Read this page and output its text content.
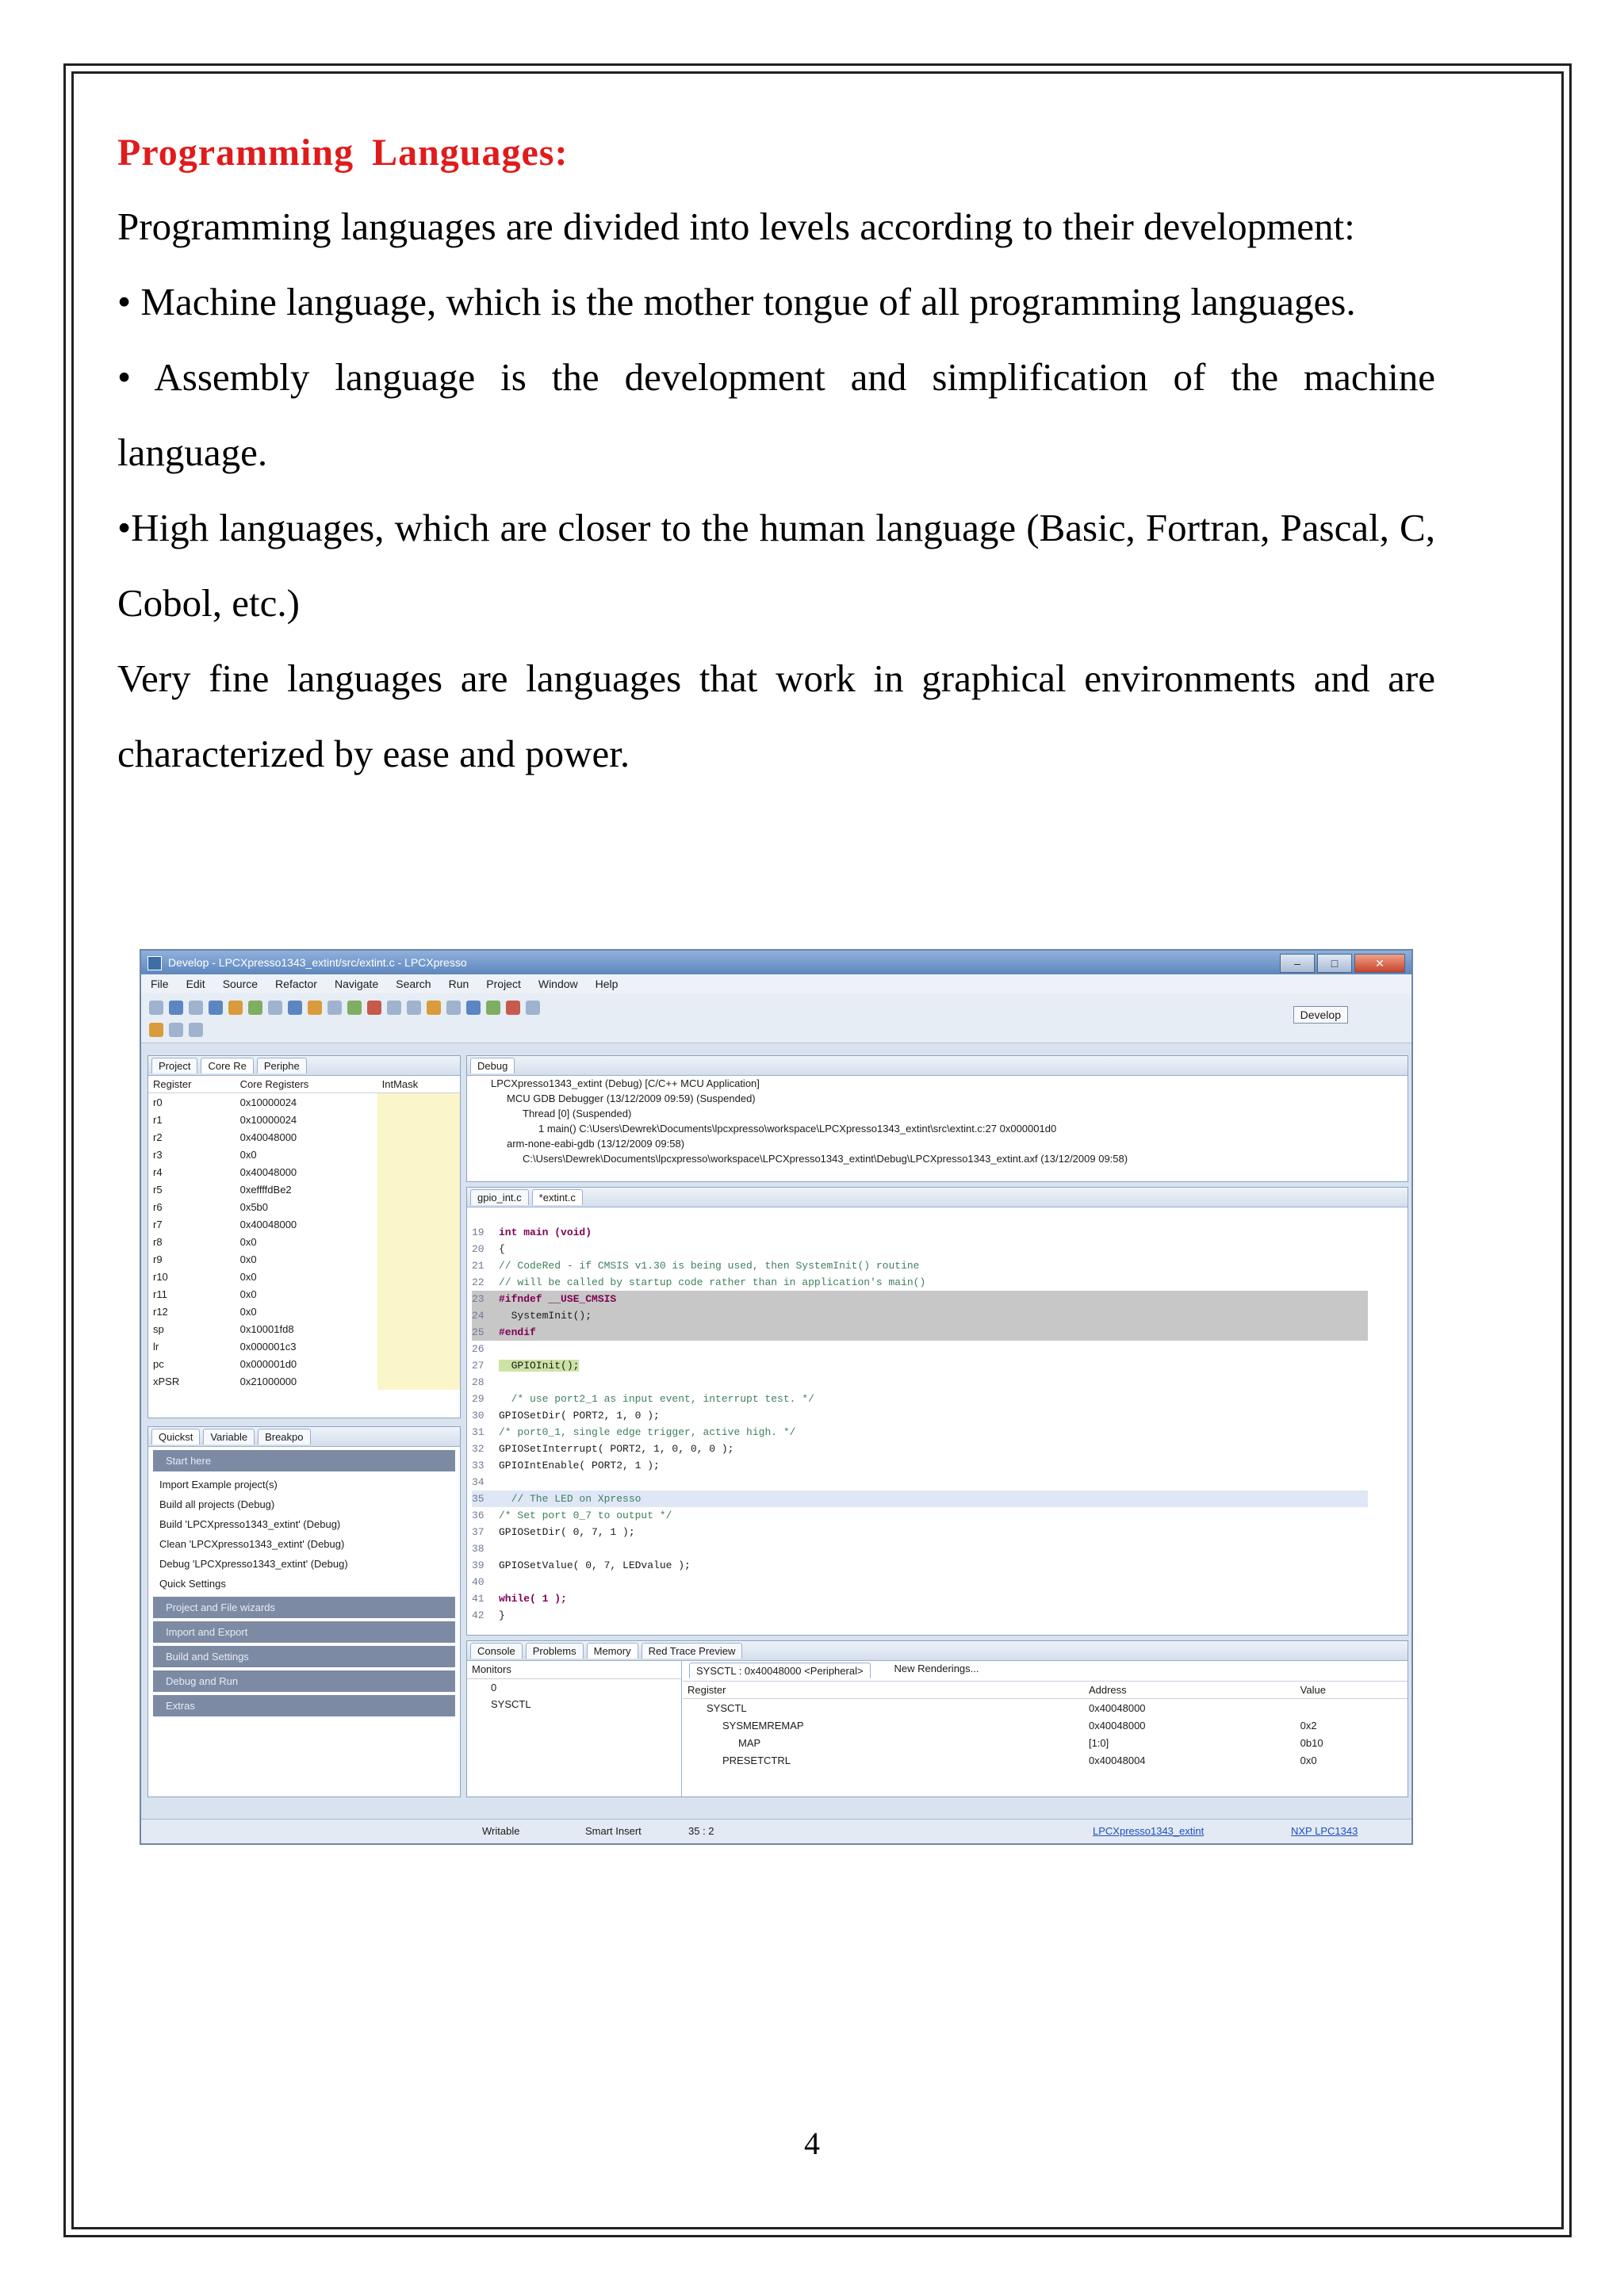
Programming Languages:

Programming languages are divided into levels according to their development:

• Machine language, which is the mother tongue of all programming languages.

• Assembly language is the development and simplification of the machine language.

•High languages, which are closer to the human language (Basic, Fortran, Pascal, C, Cobol, etc.)

Very fine languages are languages that work in graphical environments and are characterized by ease and power.

Develop - LPCXpresso1343_extint/src/extint.c - LPCXpresso	–	□	✕
File Edit Source Refactor Navigate Search Run Project Window Help
Develop
Project	Core Re	Periphe
Register	Core Registers	IntMask
r0	0x10000024	
r1	0x10000024	
r2	0x40048000	
r3	0x0	
r4	0x40048000	
r5	0xeffffdBe2	
r6	0x5b0	
r7	0x40048000	
r8	0x0	
r9	0x0	
r10	0x0	
r11	0x0	
r12	0x0	
sp	0x10001fd8	
lr	0x000001c3	
pc	0x000001d0	
xPSR	0x21000000	
Quickst	Variable	Breakpo
Start here
Import Example project(s)
Build all projects (Debug)
Build 'LPCXpresso1343_extint' (Debug)
Clean 'LPCXpresso1343_extint' (Debug)
Debug 'LPCXpresso1343_extint' (Debug)
Quick Settings
Project and File wizards
Import and Export
Build and Settings
Debug and Run
Extras
Debug
LPCXpresso1343_extint (Debug) [C/C++ MCU Application]
MCU GDB Debugger (13/12/2009 09:59) (Suspended)
Thread [0] (Suspended)
1 main() C:\Users\Dewrek\Documents\lpcxpresso\workspace\LPCXpresso1343_extint\src\extint.c:27 0x000001d0
arm-none-eabi-gdb (13/12/2009 09:58)
C:\Users\Dewrek\Documents\lpcxpresso\workspace\LPCXpresso1343_extint\Debug\LPCXpresso1343_extint.axf (13/12/2009 09:58)
gpio_int.c	*extint.c

19 int main (void)
20 {
21 // CodeRed - if CMSIS v1.30 is being used, then SystemInit() routine
22 // will be called by startup code rather than in application's main()
23 #ifndef __USE_CMSIS
24  SystemInit();
25 #endif
26
27  GPIOInit();
28
29  /* use port2_1 as input event, interrupt test. */
30 GPIOSetDir( PORT2, 1, 0 );
31 /* port0_1, single edge trigger, active high. */
32 GPIOSetInterrupt( PORT2, 1, 0, 0, 0 );
33 GPIOIntEnable( PORT2, 1 );
34
35  // The LED on Xpresso
36 /* Set port 0_7 to output */
37 GPIOSetDir( 0, 7, 1 );
38
39 GPIOSetValue( 0, 7, LEDvalue );
40
41 while( 1 );
42 }

Console	Problems	Memory	Red Trace Preview
Monitors
0
SYSCTL
SYSCTL : 0x40048000 <Peripheral>	New Renderings...
Register	Address	Value
SYSCTL	0x40048000	
SYSMEMREMAP	0x40048000	0x2
MAP	[1:0]	0b10
PRESETCTRL	0x40048004	0x0
Writable	Smart Insert	35 : 2	LPCXpresso1343_extint	NXP LPC1343
4
